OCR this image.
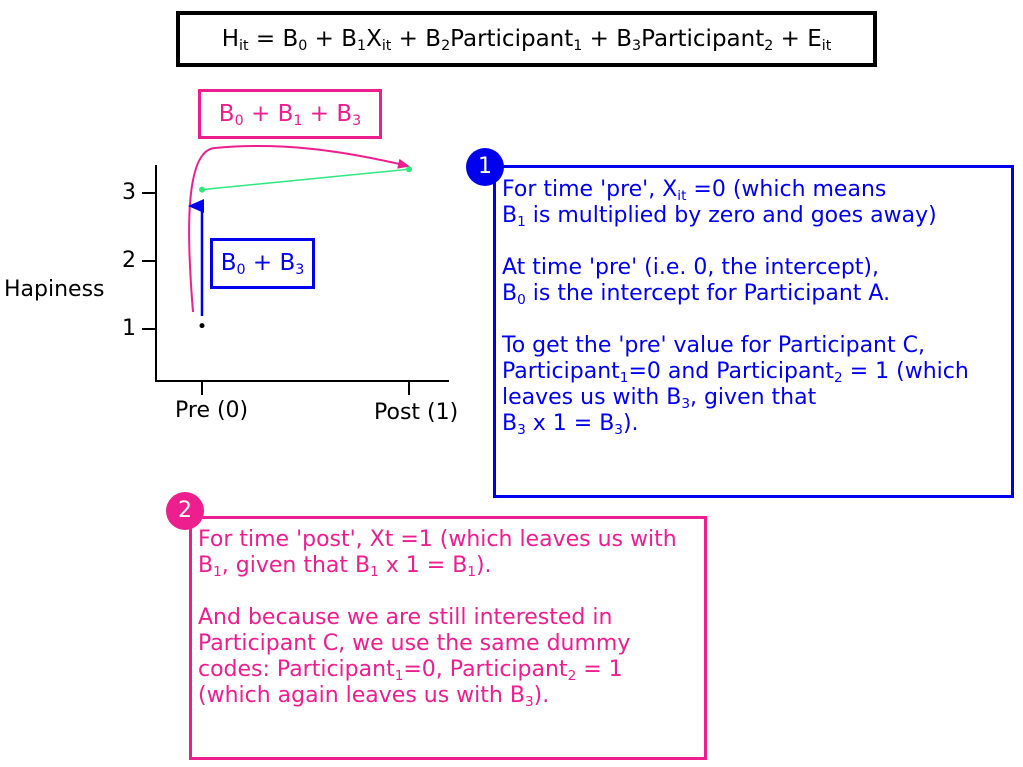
$H_{it} = B_0 + B_1X_{it}$ + $B_2Participant_1$ + $B_3Participant_2 + E_{it}$
Hapiness
1
2
3
Pre (0)	Post (1)
$B_0 + B_1 + B_3$
$B_0 + B_3$

For time 'pre', $X_{it} =0$ (which means
$B_1$ is multiplied by zero and goes away)

At time 'pre' (i.e. 0, the intercept),
$B_0$ is the intercept for Participant A.

To get the 'pre' value for Participant C,
Participant$_1$=0 and Participant$_2$ = 1 (which leaves us with $B_3$, given that
$B_3$ x $1 = B_3$).

1

For time 'post', Xt =1 (which leaves us with $B_1$, given that $B_1$ x $1 = B_1$).

And because we are still interested in Participant C, we use the same dummy codes: Participant$_1$=0, Participant$_2$ = 1 (which again leaves us with $B_3$).

2
